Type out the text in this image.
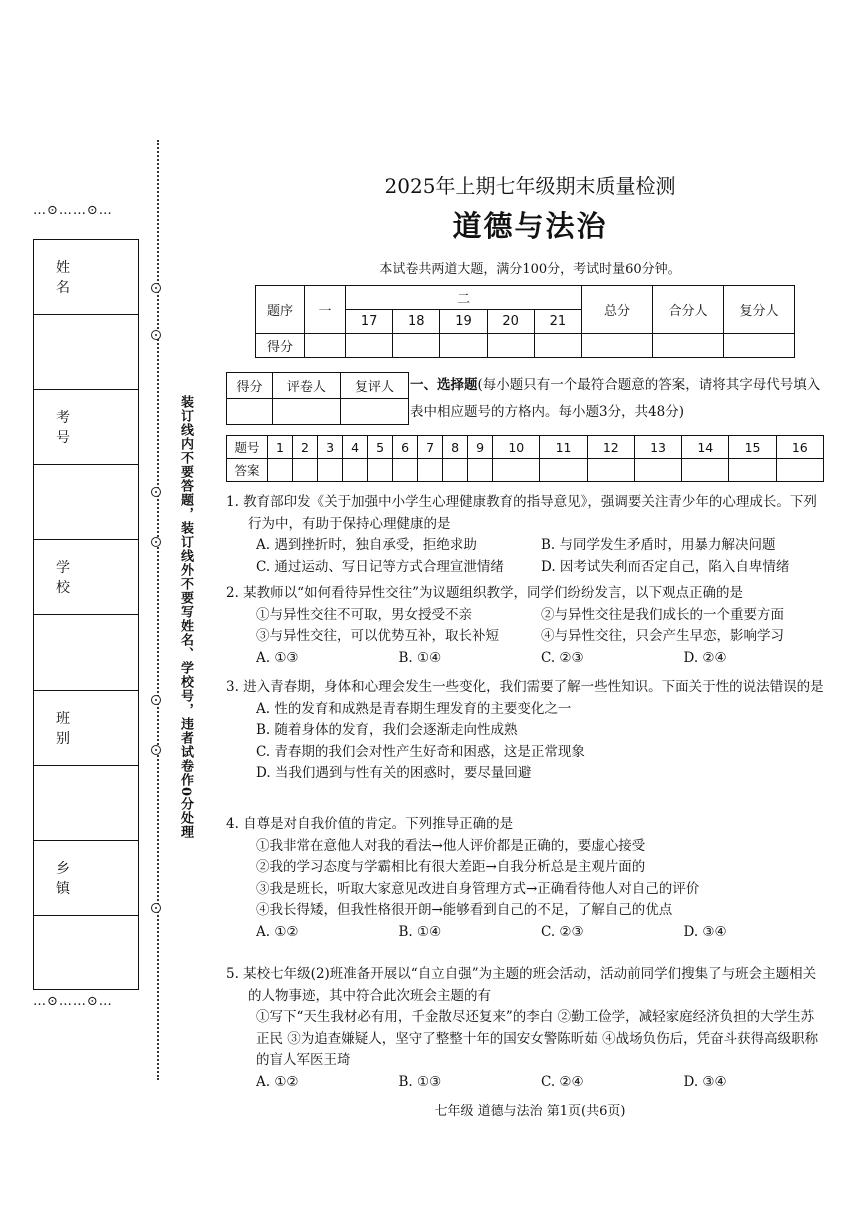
…⊙……⊙…
姓 名
考 号
学 校
班 别
乡 镇
…⊙……⊙…
装订线内不要答题，装订线外不要写姓名、学校号，违者试卷作0分处理
2025年上期七年级期末质量检测
道德与法治
本试卷共两道大题，满分100分，考试时量60分钟。
题序	一	二					总分	合分人	复分人
		17	18	19	20	21			
得分									
得分	评卷人	复评人
		一、选择题(每小题只有一个最符合题意的答案，请将其字母代号填入表中相应题号的方格内。每小题3分，共48分)
题号	1	2	3	4	5	6	7	8	9	10	11	12	13	14	15	16
答案																
1. 教育部印发《关于加强中小学生心理健康教育的指导意见》，强调要关注青少年的心理成长。下列行为中，有助于保持心理健康的是
A. 遇到挫折时，独自承受，拒绝求助	B. 与同学发生矛盾时，用暴力解决问题
C. 通过运动、写日记等方式合理宣泄情绪	D. 因考试失利而否定自己，陷入自卑情绪
2. 某教师以“如何看待异性交往”为议题组织教学，同学们纷纷发言，以下观点正确的是
①与异性交往不可取，男女授受不亲	②与异性交往是我们成长的一个重要方面
③与异性交往，可以优势互补，取长补短	④与异性交往，只会产生早恋，影响学习
A. ①③	B. ①④	C. ②③	D. ②④
3. 进入青春期，身体和心理会发生一些变化，我们需要了解一些性知识。下面关于性的说法错误的是
A. 性的发育和成熟是青春期生理发育的主要变化之一
B. 随着身体的发育，我们会逐渐走向性成熟
C. 青春期的我们会对性产生好奇和困惑，这是正常现象
D. 当我们遇到与性有关的困惑时，要尽量回避
4. 自尊是对自我价值的肯定。下列推导正确的是
①我非常在意他人对我的看法→他人评价都是正确的，要虚心接受
②我的学习态度与学霸相比有很大差距→自我分析总是主观片面的
③我是班长，听取大家意见改进自身管理方式→正确看待他人对自己的评价
④我长得矮，但我性格很开朗→能够看到自己的不足，了解自己的优点
A. ①②	B. ①④	C. ②③	D. ③④
5. 某校七年级(2)班准备开展以“自立自强”为主题的班会活动，活动前同学们搜集了与班会主题相关的人物事迹，其中符合此次班会主题的有
①写下“天生我材必有用，千金散尽还复来”的李白 ②勤工俭学，减轻家庭经济负担的大学生苏正民 ③为追查嫌疑人，坚守了整整十年的国安女警陈昕茹 ④战场负伤后，凭奋斗获得高级职称的盲人军医王琦
A. ①②	B. ①③	C. ②④	D. ③④
七年级 道德与法治 第1页(共6页)
